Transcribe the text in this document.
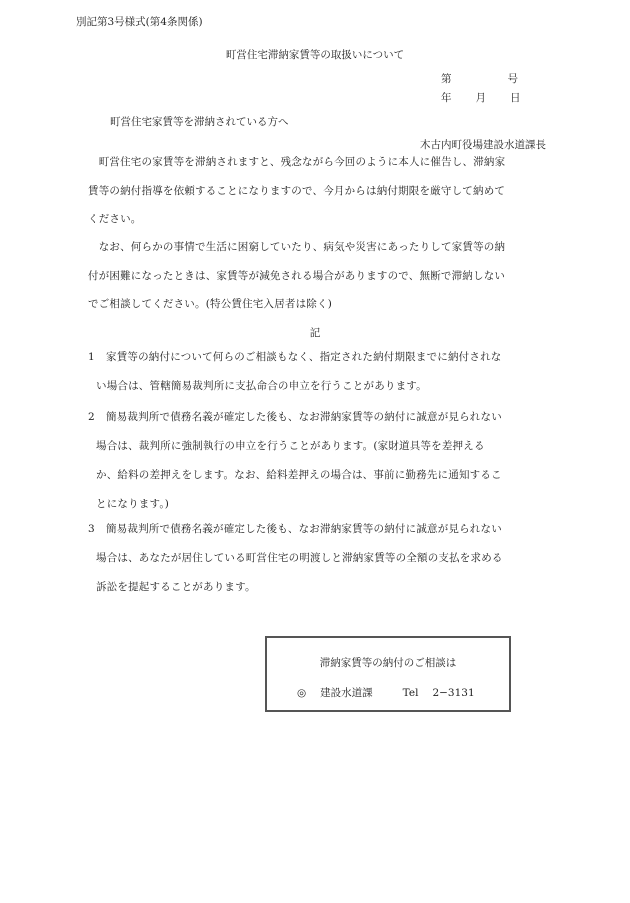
別記第3号様式(第4条関係)
町営住宅滞納家賃等の取扱いについて
第	号
年 月 日
町営住宅家賃等を滞納されている方へ
木古内町役場建設水道課長
　町営住宅の家賃等を滞納されますと、残念ながら今回のように本人に催告し、滞納家
賃等の納付指導を依頼することになりますので、今月からは納付期限を厳守して納めて
ください。
　なお、何らかの事情で生活に困窮していたり、病気や災害にあったりして家賃等の納
付が困難になったときは、家賃等が減免される場合がありますので、無断で滞納しない
でご相談してください。(特公賃住宅入居者は除く)
記
1 家賃等の納付について何らのご相談もなく、指定された納付期限までに納付されな
い場合は、管轄簡易裁判所に支払命合の申立を行うことがあります。
2 簡易裁判所で債務名義が確定した後も、なお滞納家賃等の納付に誠意が見られない
場合は、裁判所に強制執行の申立を行うことがあります。(家財道具等を差押える
か、給料の差押えをします。なお、給料差押えの場合は、事前に勤務先に通知するこ
とになります。)
3 簡易裁判所で債務名義が確定した後も、なお滞納家賃等の納付に誠意が見られない
場合は、あなたが居住している町営住宅の明渡しと滞納家賃等の全額の支払を求める
訴訟を提起することがあります。
滞納家賃等の納付のご相談は
◎ 建設水道課	Tel 2−3131
